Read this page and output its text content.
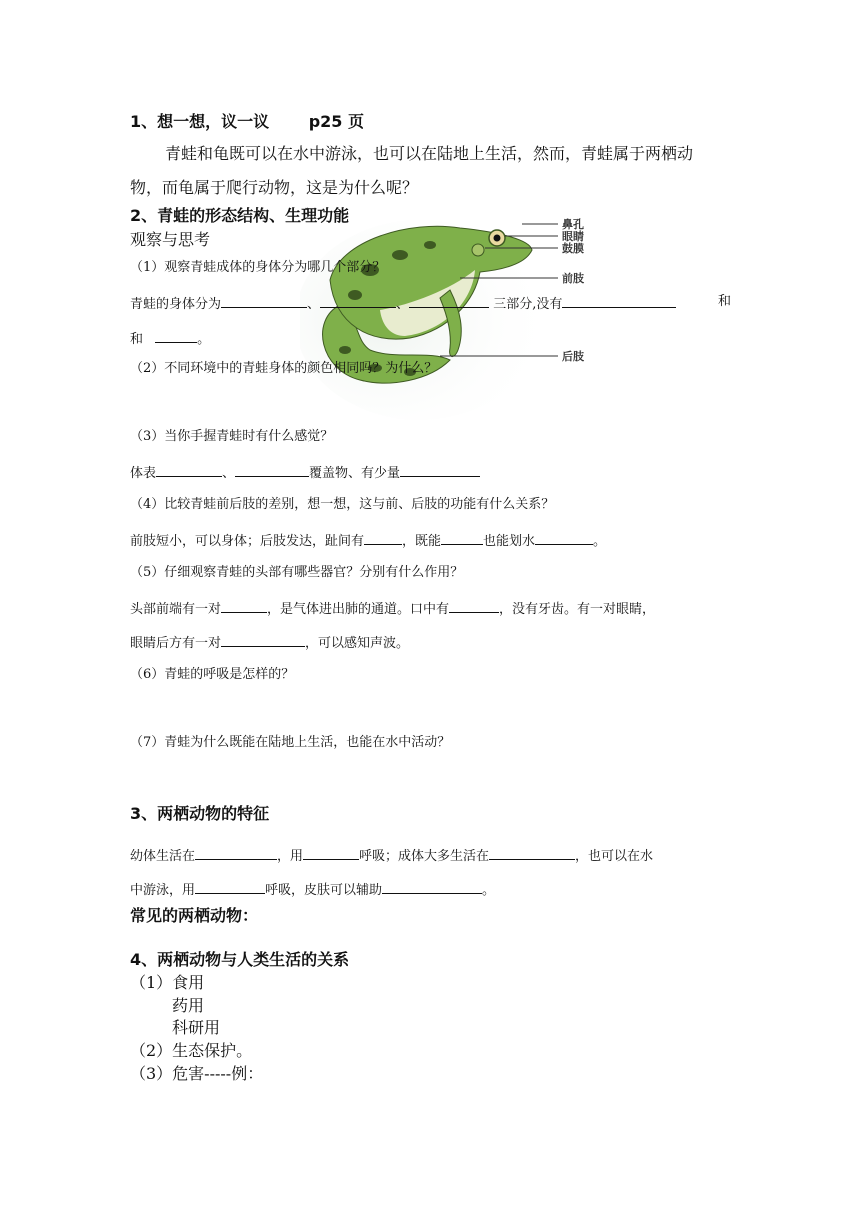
1、想一想，议一议 p25 页
青蛙和龟既可以在水中游泳，也可以在陆地上生活，然而，青蛙属于两栖动
物，而龟属于爬行动物，这是为什么呢？
鼻孔
眼睛
鼓膜
前肢
后肢
2、青蛙的形态结构、生理功能
观察与思考
（1）观察青蛙成体的身体分为哪几个部分？
青蛙的身体分为	、	、	三部分,没有	和
和	。
（2）不同环境中的青蛙身体的颜色相同吗？为什么？
（3）当你手握青蛙时有什么感觉？
体表	、	覆盖物、有少量
（4）比较青蛙前后肢的差别，想一想，这与前、后肢的功能有什么关系？
前肢短小，可以身体；后肢发达，趾间有	，既能	也能划水	。
（5）仔细观察青蛙的头部有哪些器官？分别有什么作用？
头部前端有一对	，是气体进出肺的通道。口中有	，没有牙齿。有一对眼睛，
眼睛后方有一对	，可以感知声波。
（6）青蛙的呼吸是怎样的？
（7）青蛙为什么既能在陆地上生活，也能在水中活动？
3、两栖动物的特征
幼体生活在	，用	呼吸；成体大多生活在	，也可以在水
中游泳，用	呼吸，皮肤可以辅助	。
常见的两栖动物：
4、两栖动物与人类生活的关系
（1）食用
药用
科研用
（2）生态保护。
（3）危害-----例：
